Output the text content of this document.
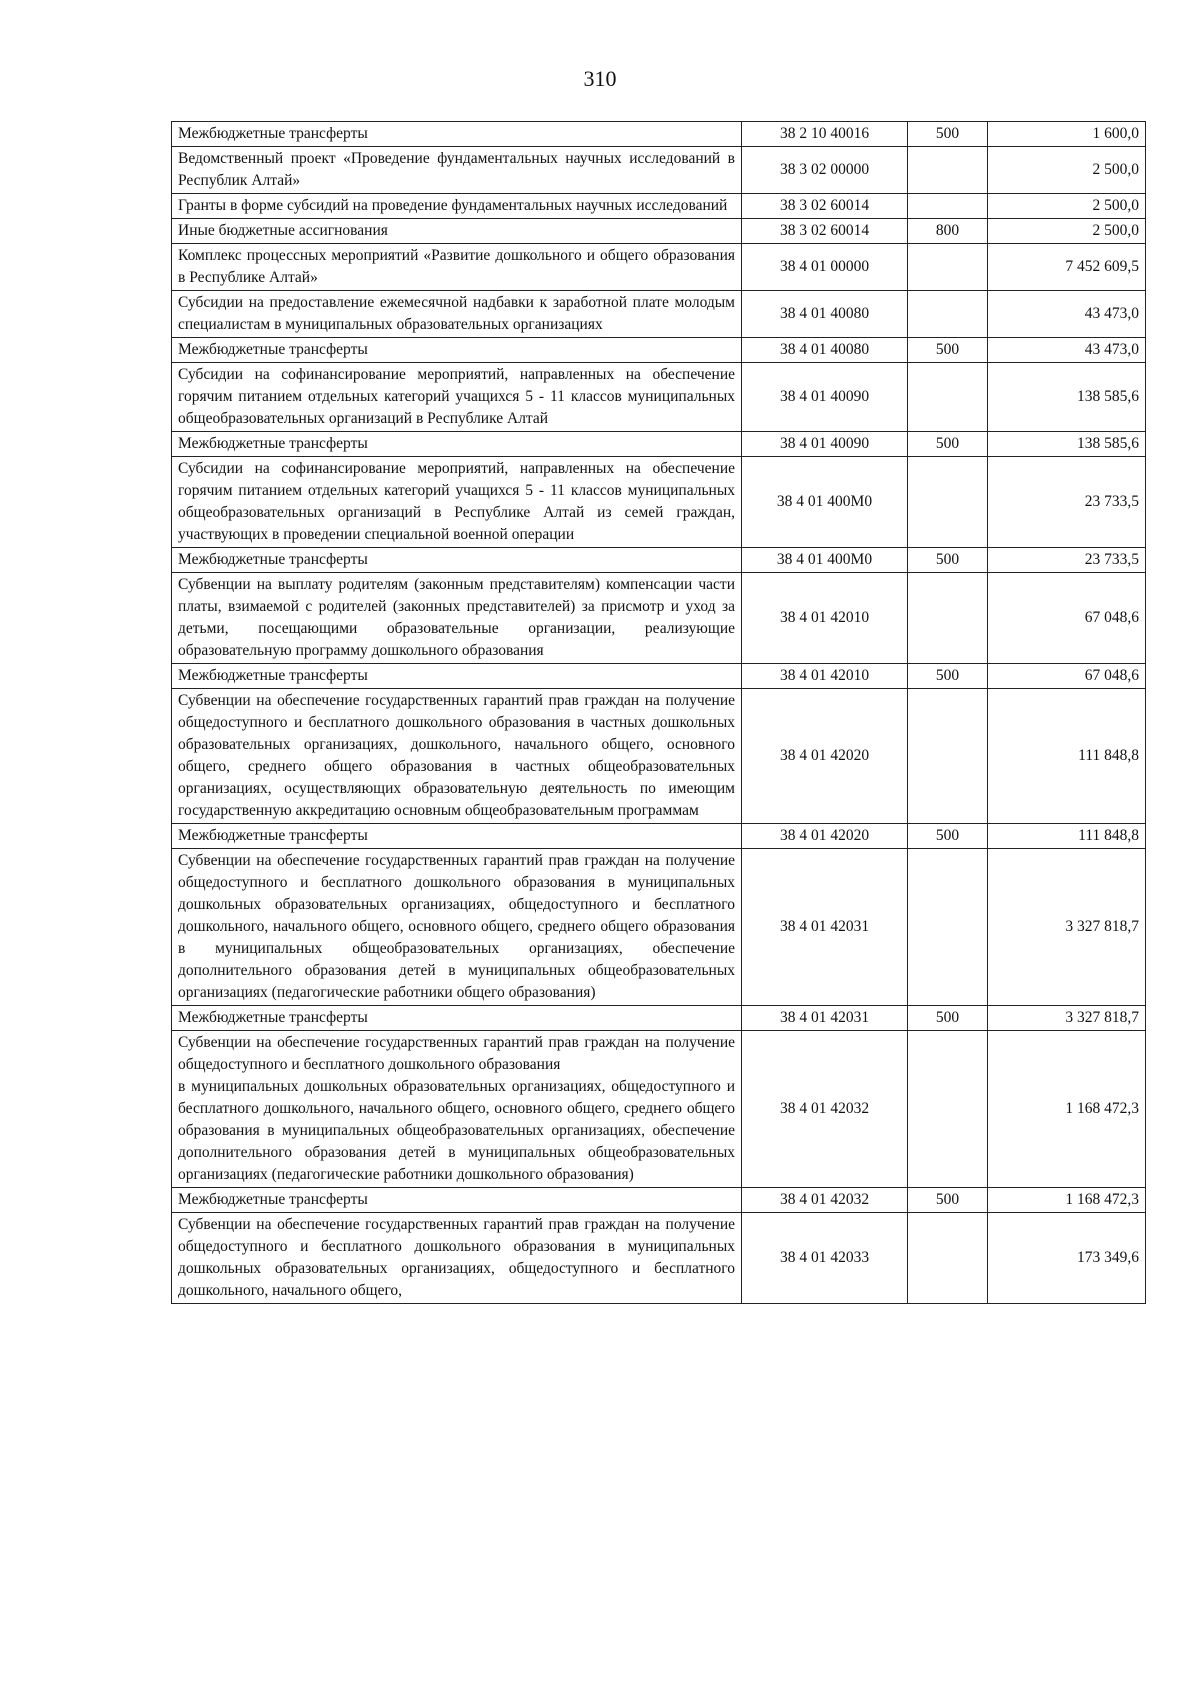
310
Межбюджетные трансферты	38 2 10 40016	500	1 600,0
Ведомственный проект «Проведение фундаментальных научных исследований в Республик Алтай»	38 3 02 00000		2 500,0
Гранты в форме субсидий на проведение фундаментальных научных исследований	38 3 02 60014		2 500,0
Иные бюджетные ассигнования	38 3 02 60014	800	2 500,0
Комплекс процессных мероприятий «Развитие дошкольного и общего образования в Республике Алтай»	38 4 01 00000		7 452 609,5
Субсидии на предоставление ежемесячной надбавки к заработной плате молодым специалистам в муниципальных образовательных организациях	38 4 01 40080		43 473,0
Межбюджетные трансферты	38 4 01 40080	500	43 473,0
Субсидии на софинансирование мероприятий, направленных на обеспечение горячим питанием отдельных категорий учащихся 5 - 11 классов муниципальных общеобразовательных организаций в Республике Алтай	38 4 01 40090		138 585,6
Межбюджетные трансферты	38 4 01 40090	500	138 585,6
Субсидии на софинансирование мероприятий, направленных на обеспечение горячим питанием отдельных категорий учащихся 5 - 11 классов муниципальных общеобразовательных организаций в Республике Алтай из семей граждан, участвующих в проведении специальной военной операции	38 4 01 400М0		23 733,5
Межбюджетные трансферты	38 4 01 400М0	500	23 733,5
Субвенции на выплату родителям (законным представителям) компенсации части платы, взимаемой с родителей (законных представителей) за присмотр и уход за детьми, посещающими образовательные организации, реализующие образовательную программу дошкольного образования	38 4 01 42010		67 048,6
Межбюджетные трансферты	38 4 01 42010	500	67 048,6
Субвенции на обеспечение государственных гарантий прав граждан на получение общедоступного и бесплатного дошкольного образования в частных дошкольных образовательных организациях, дошкольного, начального общего, основного общего, среднего общего образования в частных общеобразовательных организациях, осуществляющих образовательную деятельность по имеющим государственную аккредитацию основным общеобразовательным программам	38 4 01 42020		111 848,8
Межбюджетные трансферты	38 4 01 42020	500	111 848,8
Субвенции на обеспечение государственных гарантий прав граждан на получение общедоступного и бесплатного дошкольного образования в муниципальных дошкольных образовательных организациях, общедоступного и бесплатного дошкольного, начального общего, основного общего, среднего общего образования в муниципальных общеобразовательных организациях, обеспечение дополнительного образования детей в муниципальных общеобразовательных организациях (педагогические работники общего образования)	38 4 01 42031		3 327 818,7
Межбюджетные трансферты	38 4 01 42031	500	3 327 818,7
Субвенции на обеспечение государственных гарантий прав граждан на получение общедоступного и бесплатного дошкольного образования
в муниципальных дошкольных образовательных организациях, общедоступного и бесплатного дошкольного, начального общего, основного общего, среднего общего образования в муниципальных общеобразовательных организациях, обеспечение дополнительного образования детей в муниципальных общеобразовательных организациях (педагогические работники дошкольного образования)	38 4 01 42032		1 168 472,3
Межбюджетные трансферты	38 4 01 42032	500	1 168 472,3
Субвенции на обеспечение государственных гарантий прав граждан на получение общедоступного и бесплатного дошкольного образования в муниципальных дошкольных образовательных организациях, общедоступного и бесплатного дошкольного, начального общего,	38 4 01 42033		173 349,6
